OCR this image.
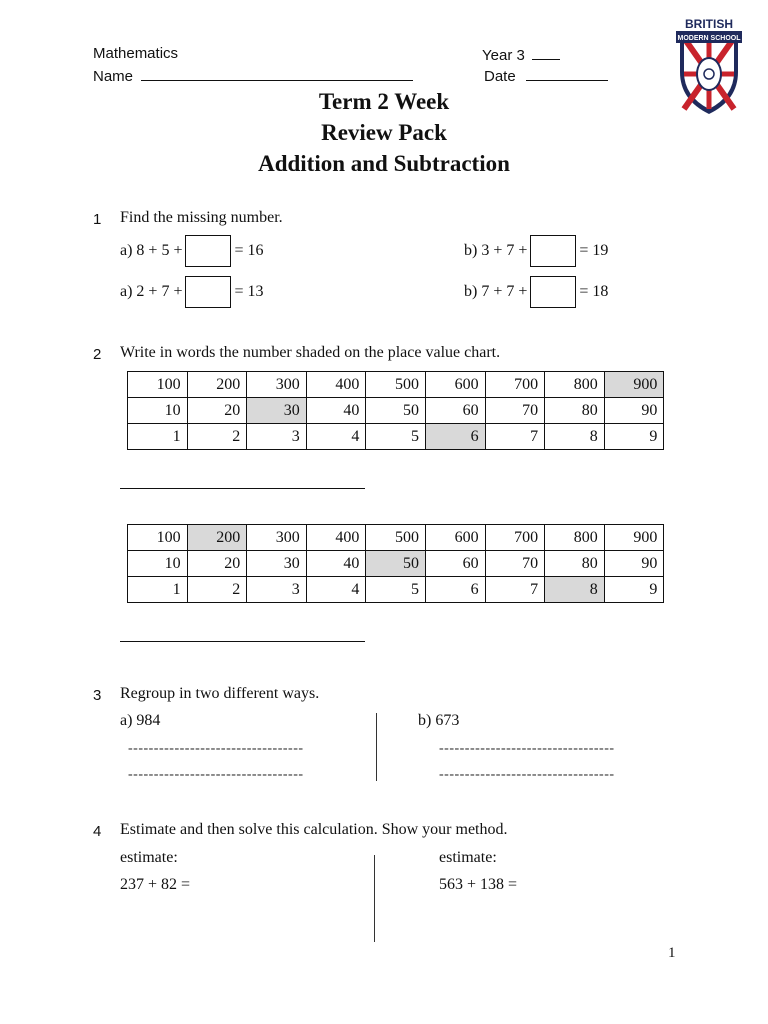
Mathematics
Name
Year 3
Date
BRITISH
MODERN SCHOOL
Term 2 Week
Review Pack
Addition and Subtraction
1 Find the missing number.
a) 8 + 5 +	= 16	b) 3 + 7 +	= 19
a) 2 + 7 +	= 13	b) 7 + 7 +	= 18
2 Write in words the number shaded on the place value chart.
100	200	300	400	500	600	700	800	900
10	20	30	40	50	60	70	80	90
1	2	3	4	5	6	7	8	9
100	200	300	400	500	600	700	800	900
10	20	30	40	50	60	70	80	90
1	2	3	4	5	6	7	8	9
3 Regroup in two different ways.
a) 984	b) 673
----------------------------------
----------------------------------
----------------------------------
----------------------------------
4 Estimate and then solve this calculation. Show your method.
estimate:	estimate:
237 + 82 =	563 + 138 =
1
